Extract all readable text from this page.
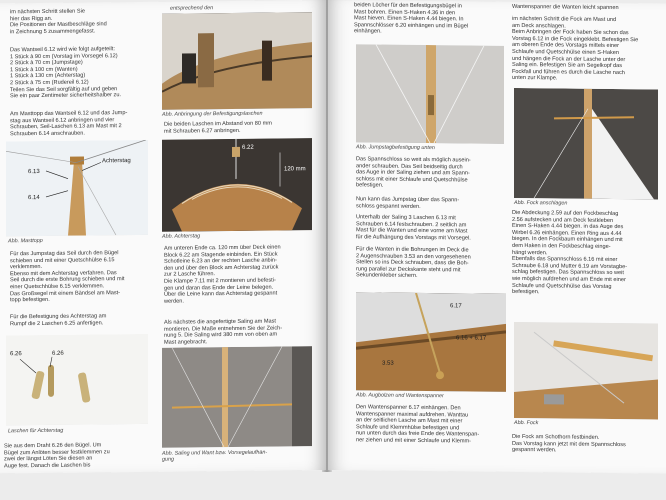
im nächsten Schritt stellen Sie
hier das Rigg an.
Die Positionen der Mastbeschläge sind
in Zeichnung 5 zusammengefasst.
Das Wantseil 6.12 wird wie folgt aufgeteilt:
1 Stück à 90 cm (Vorstag im Vorsegel 6.12)
2 Stück à 70 cm (Jumpstage)
1 Stück à 100 cm (Wanten)
1 Stück à 130 cm (Achterstag)
2 Stück à 75 cm (Rudereil 6.12)
Teilen Sie das Seil sorgfältig auf und geben
Sie ein paar Zentimeter sicherheitshalber zu.
Am Masttopp das Wantseil 6.12 und das Jump-
stag aus Wantseil 6.12 anbringen und vier
Schrauben, Seil-Laschen 6.13 am Mast mit 2
Schrauben 6.14 anschrauben.
Achterstag
6.13
6.14
Abb. Masttopp
Für das Jumpstag das Seil durch den Bügel
schieben und mit einer Quetschhülse 6.15
verklemmen.
Ebenso mit dem Achterstag verfahren. Das
Seil durch die erste Bohrung schieben und mit
einer Quetschhülse 6.15 verklemmen.
Das Großsegel mit einem Bändsel am Mast-
topp befestigen.
Für die Befestigung des Achterstag am
Rumpf die 2 Laschen 6.25 anfertigen.
6.26	6.26
Laschen für Achterstag
Sie aus dem Draht 6.26 den Bügel. Um
Bügel zum Anlöten besser festklemmen zu
zwei der längst Löten Sie diesen an
Auge fest. Danach die Laschen bis
entsprechend den
Abb. Anbringung der Befestigungslaschen
Die beiden Laschen im Abstand von 80 mm
mit Schrauben 6.27 anbringen.
6.22
120 mm
Abb. Achterstag
Am unteren Ende ca. 120 mm über Deck einen
Block 6.22 am Stagende einbinden. Ein Stück
Schotleine 6.23 an der rechten Lasche anbin-
den und über den Block am Achterstag zurück
zur 2 Lasche führen.
Die Klampe 7.11 mit 2 montieren und befesti-
gen und daran das Ende der Leine belegen.
Über die Leine kann das Achterstag gespannt
werden.
Als nächstes die angefertigte Saling am Mast
montieren. Die Maße entnehmen Sie der Zeich-
nung 5. Die Saling wird 380 mm von oben am
Mast angebracht.
Abb. Saling und Want bzw. Vorsegelaufhän-
gung
beiden Löcher für den Befestigungsbügel in
Mast bohren. Einen S-Haken 4.36 in den
Mast hieven. Einen S-Haken 4.44 biegen. In
Spannschlösser 6.20 einhängen und im Bügel
einhängen.
Abb. Jumpstagbefestigung unten
Das Spannschloss so weit als möglich ausein-
ander schrauben. Das Seil beidseitig durch
das Auge in der Saling ziehen und am Spann-
schloss mit einer Schlaufe und Quetschhülse
befestigen.
Nun kann das Jumpstag über das Spann-
schloss gespannt werden.
Unterhalb der Saling 3 Laschen 6.13 mit
Schrauben 6.14 festschrauben. 2 seitlich am
Mast für die Wanten und eine vorne am Mast
für die Aufhängung des Vorstags mit Vorsegel.
Für die Wanten in die Bohrungen im Deck die
2 Augenschrauben 3.53 an den vorgesehenen
Stellen so ins Deck schrauben, dass die Boh-
rung parallel zur Deckskante steht und mit
Sekundenkleber sichern.
6.17
6.16 + 6.17
3.53
Abb. Augbolzen und Wantenspanner
Den Wantenspanner 6.17 einhängen. Den
Wantenspanner maximal aufdrehen. Wanttau
an der seitlichen Lasche am Mast mit einer
Schlaufe und Klemmhülse befestigen und
nun unten durch das freie Ende des Wantenspan-
ner ziehen und mit einer Schlaufe und Klemm-
Wantenspanner die Wanten leicht spannen
im nächsten Schritt die Fock am Mast und
am Deck anschlagen.
Beim Anbringen der Fock haben Sie schon das
Vorstag 6.12 in die Fock eingeklebt. Befestigen Sie
am oberen Ende des Vorstags mittels einer
Schlaufe und Quetschhülse einen S-Haken
und hängen die Fock an der Lasche unter der
Saling ein. Befestigen Sie am Segelkopf das
Fockfall und führen es durch die Lasche nach
unten zur Klampe.
Abb. Fock anschlagen
Die Abdeckung 2.59 auf den Fockbeschlag
2.56 aufstecken und am Deck festkleben
Einen S-Haken 4.44 biegen. in das Auge des
Wirbel 6.26 einhängen. Einen Ring aus 4.44
biegen. In den Fockbaum einhängen und mit
dem Haken in den Fockbeschlag einge-
hängt werden.
Ebenfalls das Spannschloss 6.16 mit einer
Schraube 6.18 und Mutter 6.19 am Vorstagbe-
schlag befestigen. Das Spannschloss so weit
wie möglich aufdrehen und am Ende mit einer
Schlaufe und Quetschhülse das Vorstag
befestigen.
Abb. Fock
Die Fock am Schothorn festbinden.
Das Vorstag kann jetzt mit dem Spannschloss
gespannt werden.
